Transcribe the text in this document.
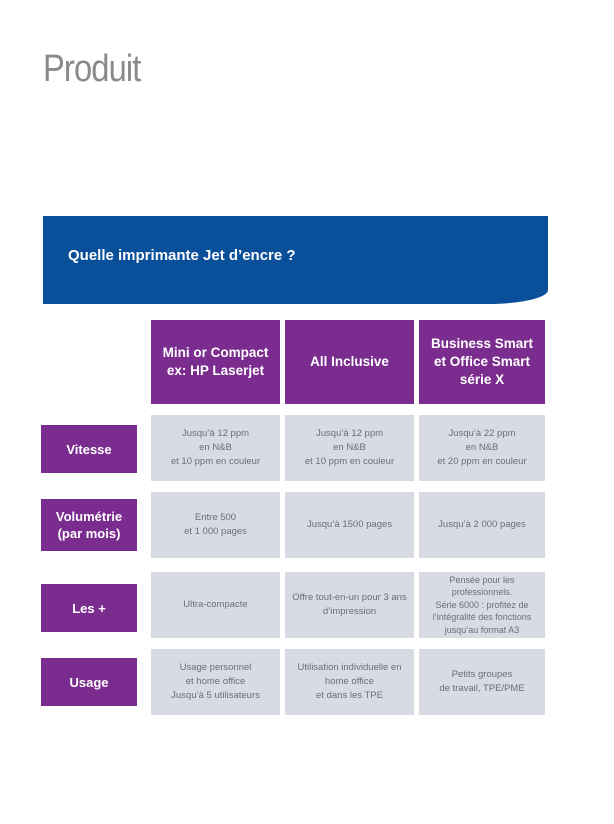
Produit
Quelle imprimante Jet d’encre ?
Mini or Compact
ex: HP Laserjet
All Inclusive
Business Smart
et Office Smart
série X
Vitesse
Jusqu’à 12 ppm
en N&B
et 10 ppm en couleur
Jusqu’à 12 ppm
en N&B
et 10 ppm en couleur
Jusqu’à 22 ppm
en N&B
et 20 ppm en couleur
Volumétrie
(par mois)
Entre 500
et 1 000 pages
Jusqu’à 1500 pages	Jusqu’à 2 000 pages
Les +	Ultra-compacte
Offre tout-en-un pour 3 ans
d’impression
Pensée pour les professionnels.
Série 6000 : profitez de
l’intégralité des fonctions
jusqu’au format A3
Usage
Usage personnel
et home office
Jusqu’à 5 utilisateurs
Utilisation individuelle en
home office
et dans les TPE
Petits groupes
de travail, TPE/PME
